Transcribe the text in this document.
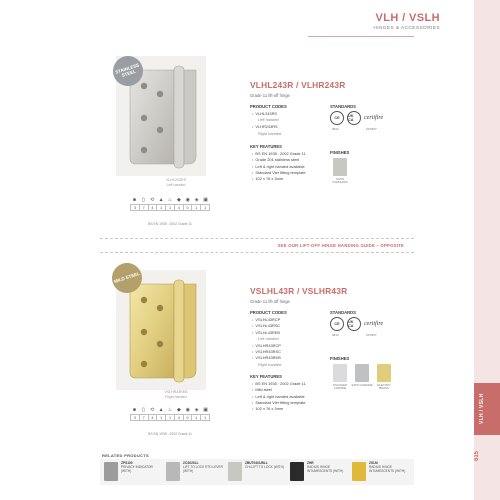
VLH / VSLH
615
VLH / VSLH
HINGES & ACCESSORIES
STAINLESS STEEL
VLHL243RS
Left handed
■	▯	⟲ ▲ ♨ ◆ ◉ ◈ ▣
3	7	4	1	1	4	0	1	1
BS EN 1935 : 2002 Grade 11
VLHL243R / VLHR243R
Grade 11 lift-off hinge
PRODUCT CODES
• VLHL243RS
Left handed
• VLHR243RS
Right handed
KEY FEATURES
• BS EN 1935 : 2002 Grade 11
• Grade 201 stainless steel
• Left & right handed available
• Standard Vier fitting template
• 102 x 76 x 3mm
STANDARDS
CE	UK CA	certifire
3813	CF5357
FINISHES
SATIN STAINLESS
SEE OUR LIFT-OFF HINGE HANDING GUIDE – OPPOSITE
MILD STEEL
VSLHR43REB
Right handed
■	▯	⟲ ▲ ♨ ◆ ◉ ◈ ▣
3	7	4	1	1	4	0	1	1
BS EN 1935 : 2002 Grade 11
VSLHL43R / VSLHR43R
Grade 11 lift-off hinge
PRODUCT CODES
• VSLHL43RCP
• VSLHL43RSC
• VSLHL43REB
Left handed
• VSLHR43RCP
• VSLHR43RSC
• VSLHR43REB
Right handed
KEY FEATURES
• BS EN 1935 : 2002 Grade 11
• Mild steel
• Left & right handed available
• Standard Vier fitting template
• 102 x 76 x 3mm
STANDARDS
CE	UK CA	certifire
3813	CF5357
FINISHES
POLISHED CHROME
SATIN CHROME	ELECTRO BRASS
RELATED PRODUCTS
ZPS100
PRIVACY INDICATOR (WITH)
ZCS020LL
LIFT TO LOCK RTD LEVER (WITH)
ZBUT0401/BLL
CHI-LIFT TO LOCK (WITH)
ZHR
RADIUS HINGE INTUMESCENTS (WITH)
ZIS-M
RADIUS HINGE INTUMESCENTS (WITH)
